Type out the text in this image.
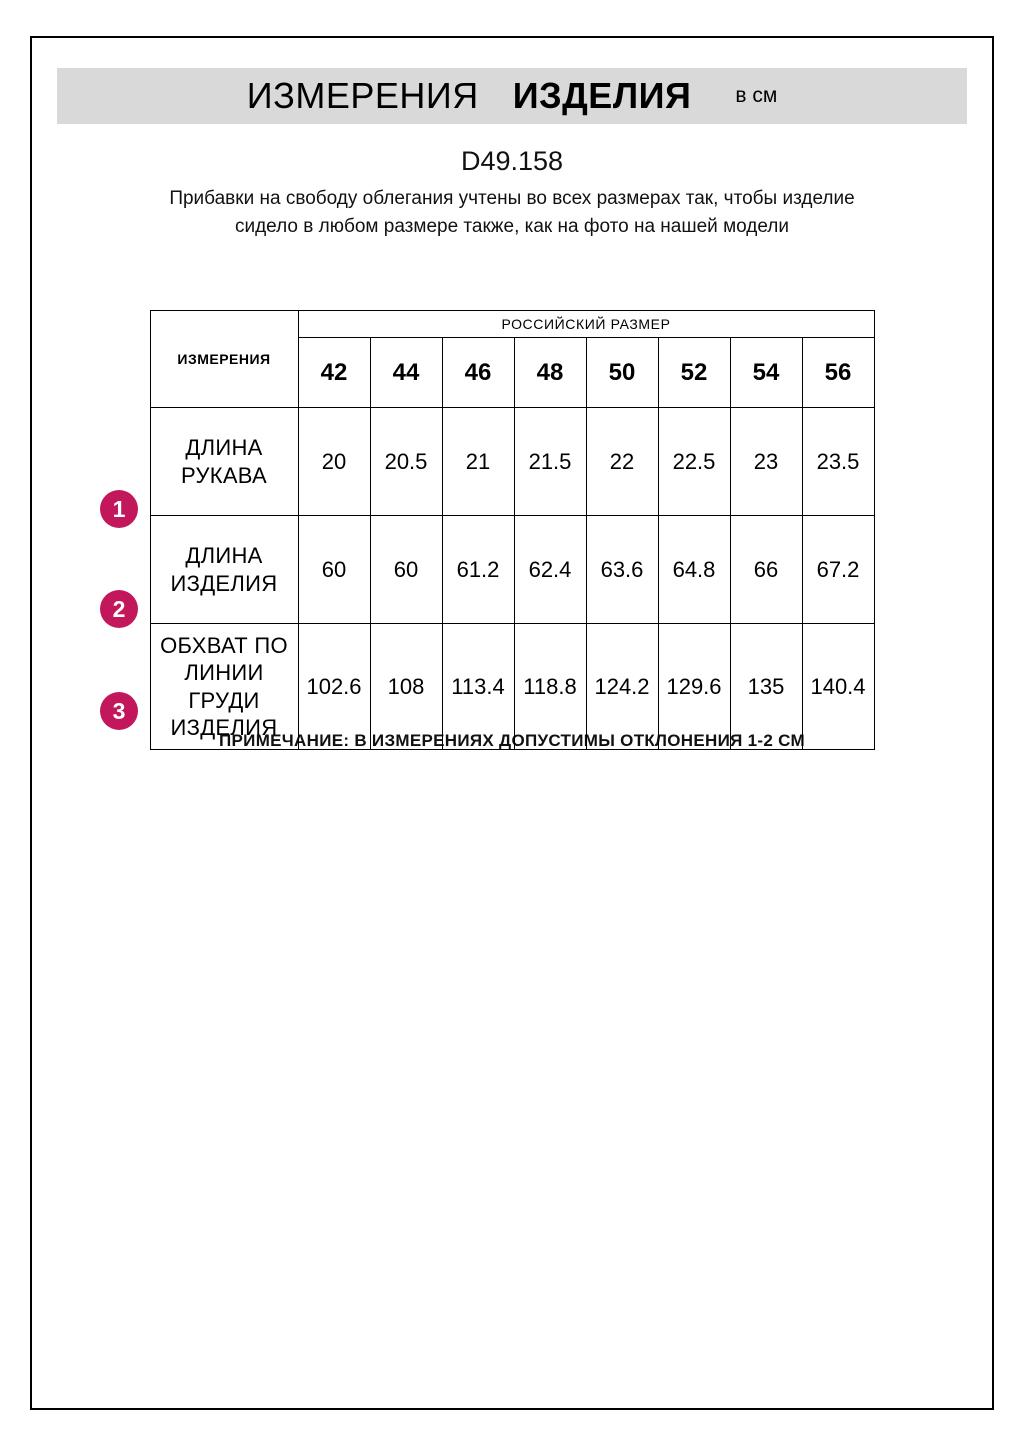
ИЗМЕРЕНИЯ ИЗДЕЛИЯ в см
D49.158
Прибавки на свободу облегания учтены во всех размерах так, чтобы изделие сидело в любом размере также, как на фото на нашей модели
ИЗМЕРЕНИЯ	РОССИЙСКИЙ РАЗМЕР							
	42	44	46	48	50	52	54	56
ДЛИНА РУКАВА	20	20.5	21	21.5	22	22.5	23	23.5
ДЛИНА ИЗДЕЛИЯ	60	60	61.2	62.4	63.6	64.8	66	67.2
ОБХВАТ ПО ЛИНИИ ГРУДИ ИЗДЕЛИЯ	102.6	108	113.4	118.8	124.2	129.6	135	140.4
1
2
3
ПРИМЕЧАНИЕ: В ИЗМЕРЕНИЯХ ДОПУСТИМЫ ОТКЛОНЕНИЯ 1-2 СМ
